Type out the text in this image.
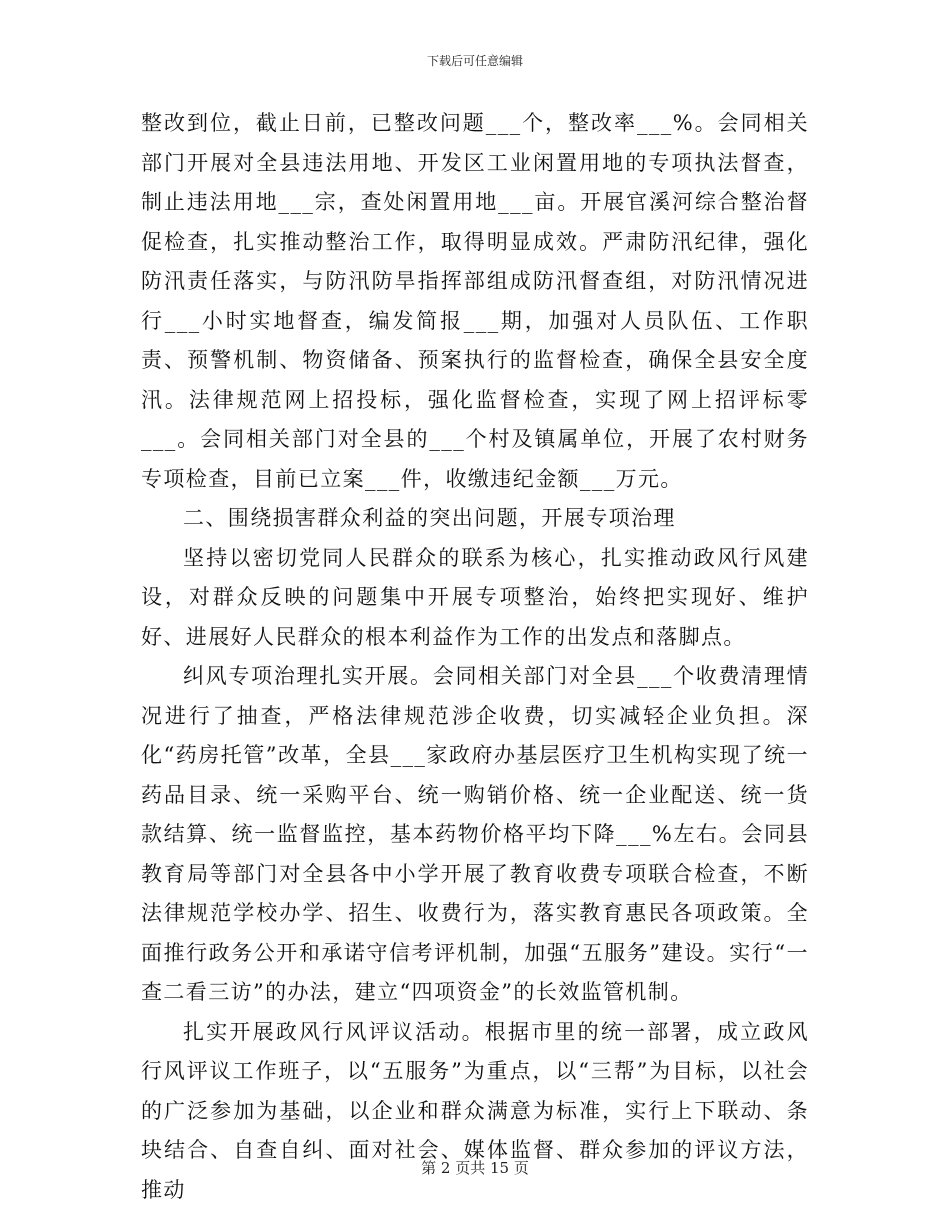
下载后可任意编辑

整改到位，截止日前，已整改问题___个，整改率___%。会同相关部门开展对全县违法用地、开发区工业闲置用地的专项执法督查，制止违法用地___宗，查处闲置用地___亩。开展官溪河综合整治督促检查，扎实推动整治工作，取得明显成效。严肃防汛纪律，强化防汛责任落实，与防汛防旱指挥部组成防汛督查组，对防汛情况进行___小时实地督查，编发简报___期，加强对人员队伍、工作职责、预警机制、物资储备、预案执行的监督检查，确保全县安全度汛。法律规范网上招投标，强化监督检查，实现了网上招评标零___。会同相关部门对全县的___个村及镇属单位，开展了农村财务专项检查，目前已立案___件，收缴违纪金额___万元。

二、围绕损害群众利益的突出问题，开展专项治理

坚持以密切党同人民群众的联系为核心，扎实推动政风行风建设，对群众反映的问题集中开展专项整治，始终把实现好、维护好、进展好人民群众的根本利益作为工作的出发点和落脚点。

纠风专项治理扎实开展。会同相关部门对全县___个收费清理情况进行了抽查，严格法律规范涉企收费，切实减轻企业负担。深化“药房托管”改革，全县___家政府办基层医疗卫生机构实现了统一药品目录、统一采购平台、统一购销价格、统一企业配送、统一货款结算、统一监督监控，基本药物价格平均下降___%左右。会同县教育局等部门对全县各中小学开展了教育收费专项联合检查，不断法律规范学校办学、招生、收费行为，落实教育惠民各项政策。全面推行政务公开和承诺守信考评机制，加强“五服务”建设。实行“一查二看三访”的办法，建立“四项资金”的长效监管机制。

扎实开展政风行风评议活动。根据市里的统一部署，成立政风行风评议工作班子，以“五服务”为重点，以“三帮”为目标，以社会的广泛参加为基础，以企业和群众满意为标准，实行上下联动、条块结合、自查自纠、面对社会、媒体监督、群众参加的评议方法，推动

第 2 页共 15 页
